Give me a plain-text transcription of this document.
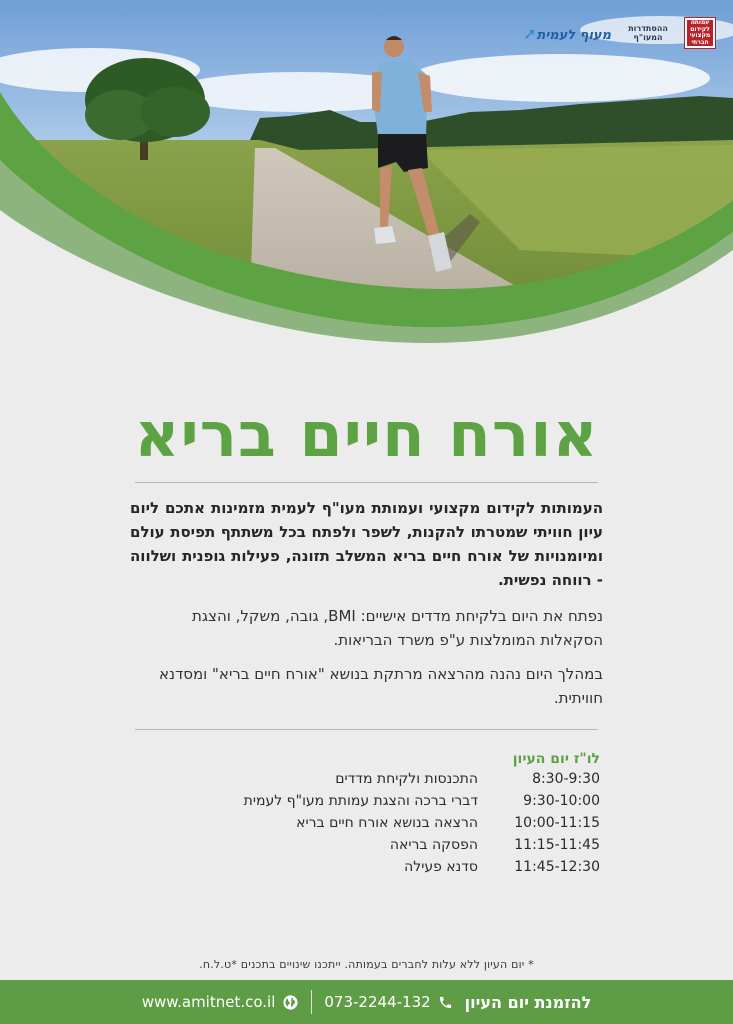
מעוף לעמית➚	ההסתדרות המעו"ף
עמותה
לקידום
מקצועי
חברתי
אורח חיים בריא

העמותות לקידום מקצועי ועמותת מעו"ף לעמית מזמינות אתכם ליום עיון חוויתי שמטרתו להקנות, לשפר ולפתח בכל משתתף תפיסת עולם ומיומנויות של אורח חיים בריא המשלב תזונה, פעילות גופנית ושלווה - רווחה נפשית.

נפתח את היום בלקיחת מדדים אישיים: BMI, גובה, משקל, והצגת הסקאלות המומלצות ע"פ משרד הבריאות.

במהלך היום נהנה מהרצאה מרתקת בנושא "אורח חיים בריא" ומסדנא חוויתית.

לו"ז יום העיון
8:30-9:30
התכנסות ולקיחת מדדים
9:30-10:00
דברי ברכה והצגת עמותת מעו"ף לעמית
10:00-11:15
הרצאה בנושא אורח חיים בריא
11:15-11:45
הפסקה בריאה
11:45-12:30
סדנא פעילה
* יום העיון ללא עלות לחברים בעמותה. ייתכנו שינויים בתכנים *ט.ל.ח.
להזמנת יום העיון
073-2244-132
www.amitnet.co.il
